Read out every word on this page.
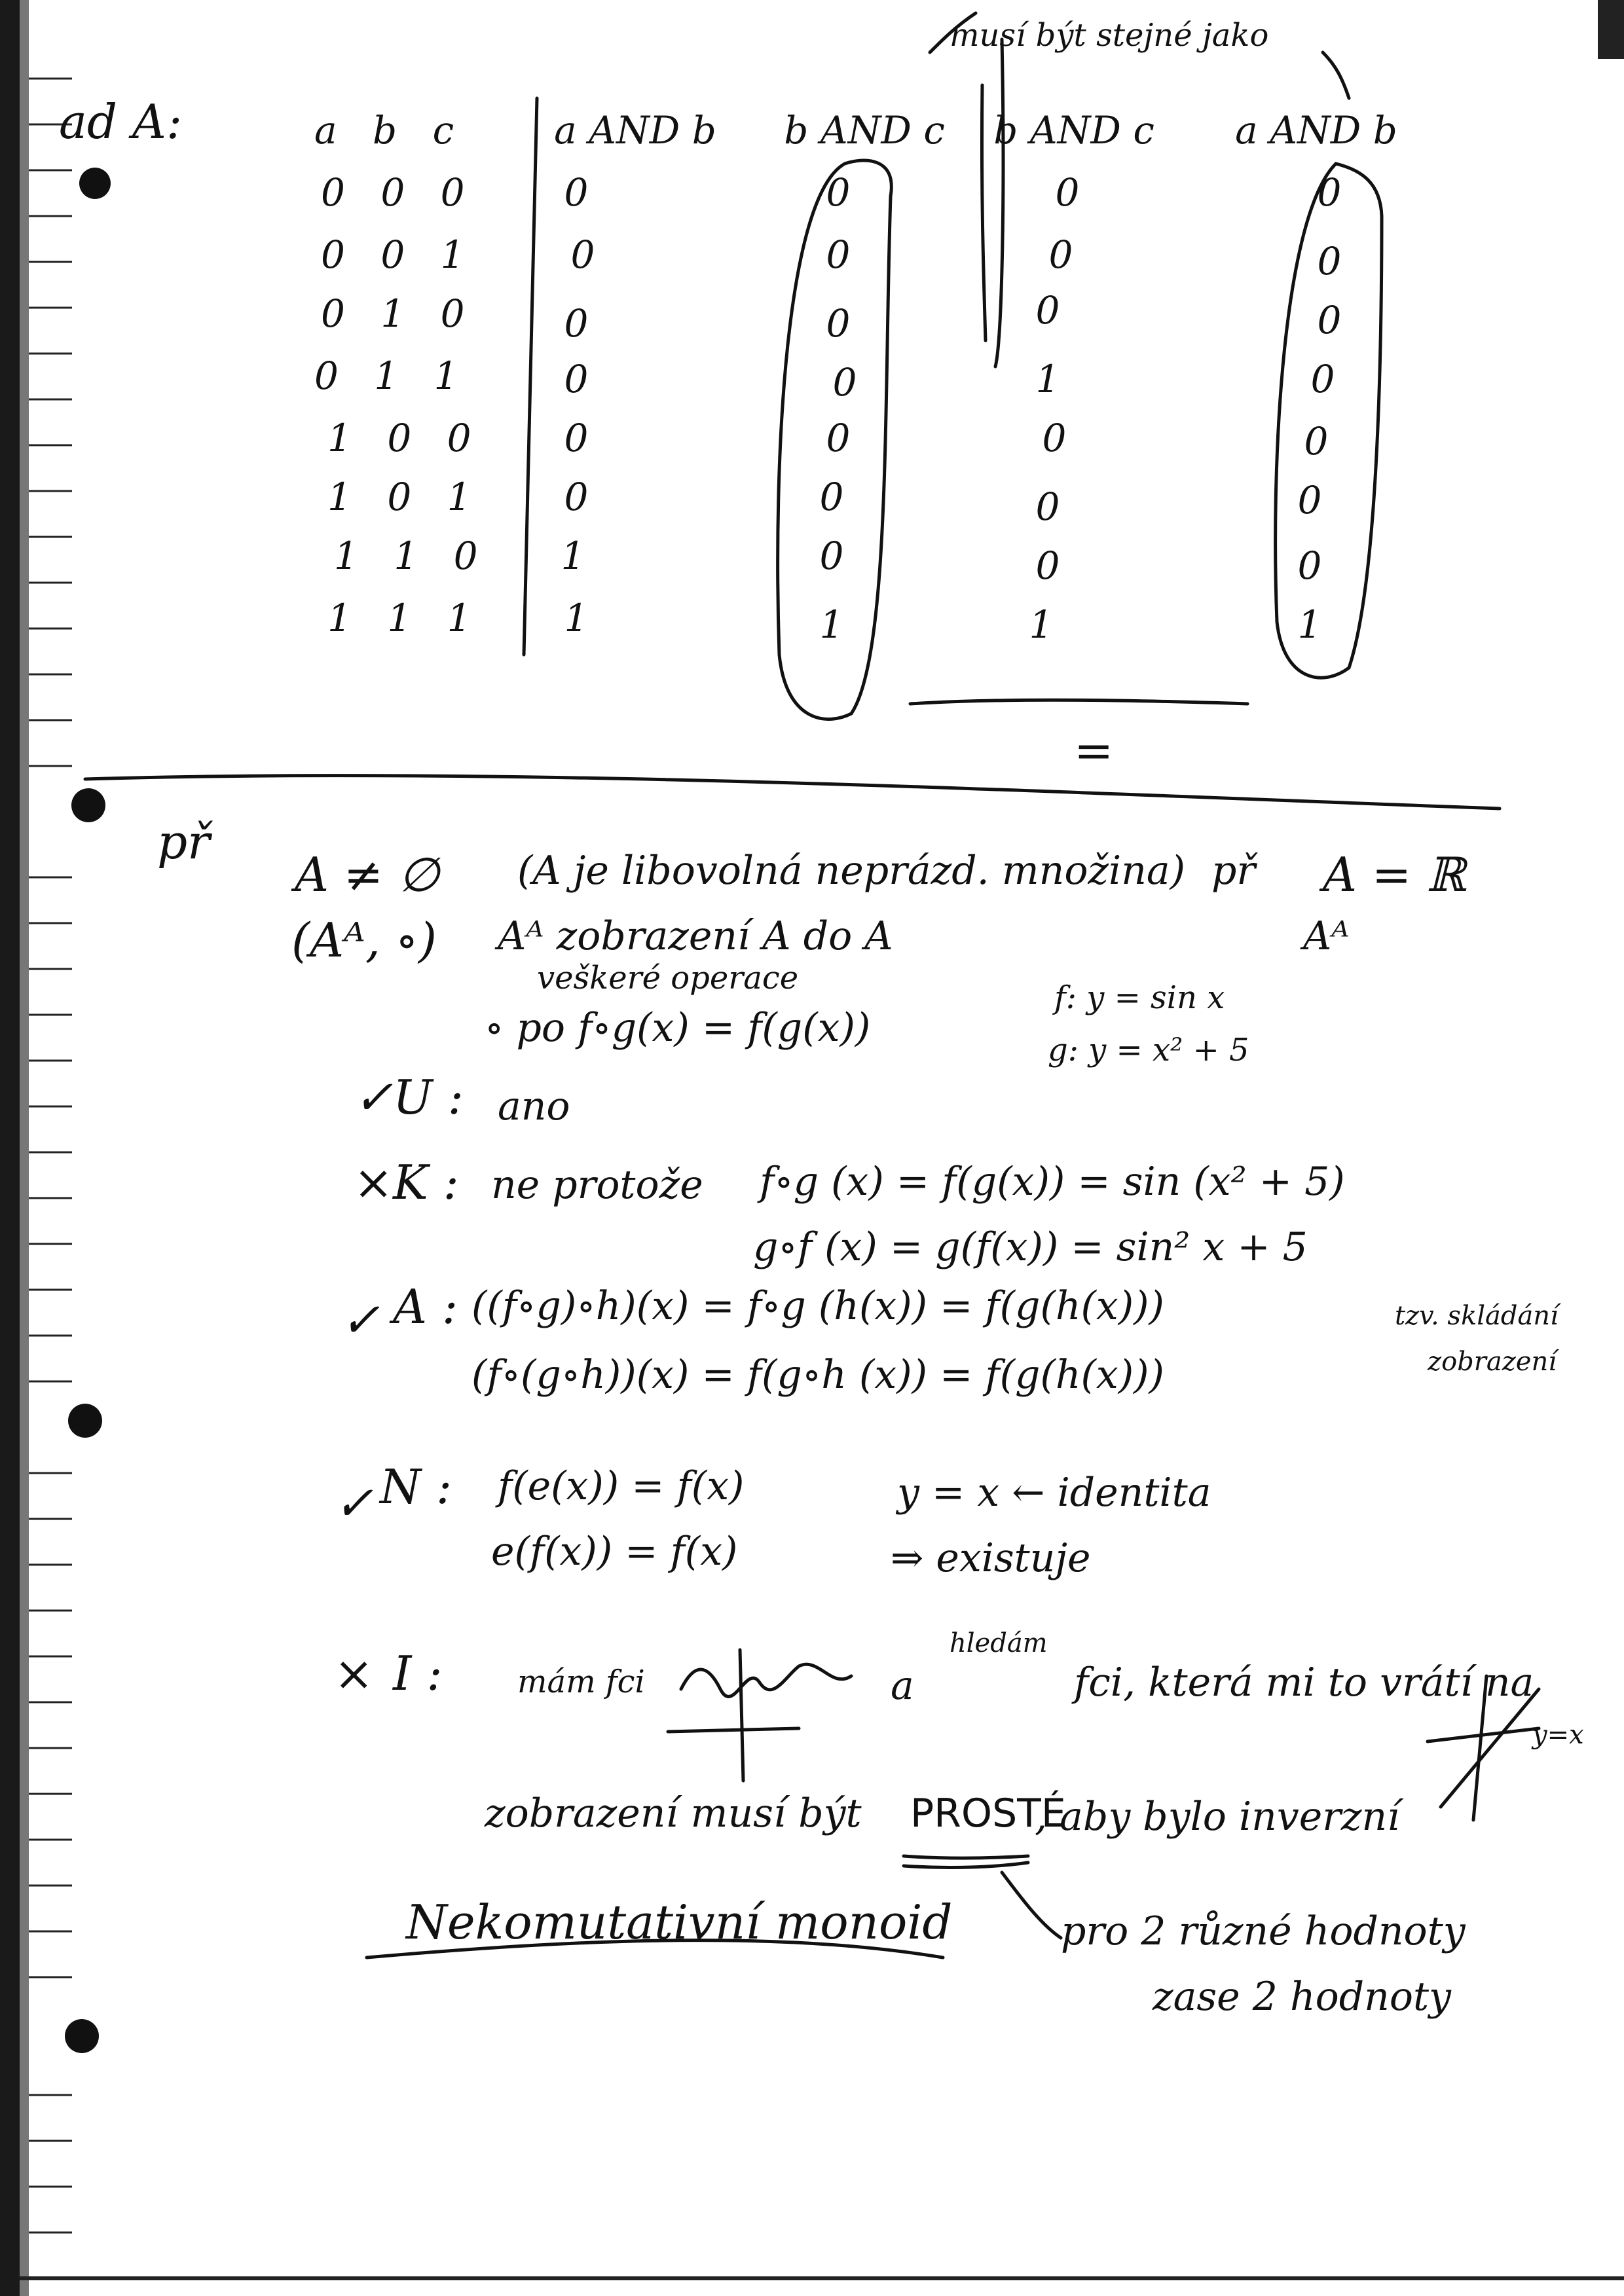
ad A:
musí být stejné jako
a b c	a AND b b AND c b AND c a AND b
0 0 0	0	0	0	0
0 0 1	0	0	0	0
0 1 0	0	0	0	0
0 1 1	0	0	1	0
1 0 0	0	0	0	0
1 0 1	0	0	0	0
1 1 0	1	0	0	0
1 1 1	1	1	1	1
=
př
A ≠ ∅ (A je libovolná neprázd. množina) př A = ℝ
Aᴬ
(Aᴬ, ∘) Aᴬ zobrazení A do A
veškeré operace
∘ po f∘g(x) = f(g(x))
f: y = sin x
g: y = x² + 5
✓ U : ano
× K : ne protože f∘g (x) = f(g(x)) = sin (x² + 5)
g∘f (x) = g(f(x)) = sin² x + 5
✓ A : ((f∘g)∘h)(x) = f∘g (h(x)) = f(g(h(x)))
(f∘(g∘h))(x) = f(g∘h (x)) = f(g(h(x)))
tzv. skládání
zobrazení
✓ N : f(e(x)) = f(x)
e(f(x)) = f(x)
y = x ← identita
⇒ existuje
× I : mám fci	a
hledám
fci, která mi to vrátí na
y=x
zobrazení musí být PROSTÉ
, aby bylo inverzní
Nekomutativní monoid	pro 2 různé hodnoty
zase 2 hodnoty
